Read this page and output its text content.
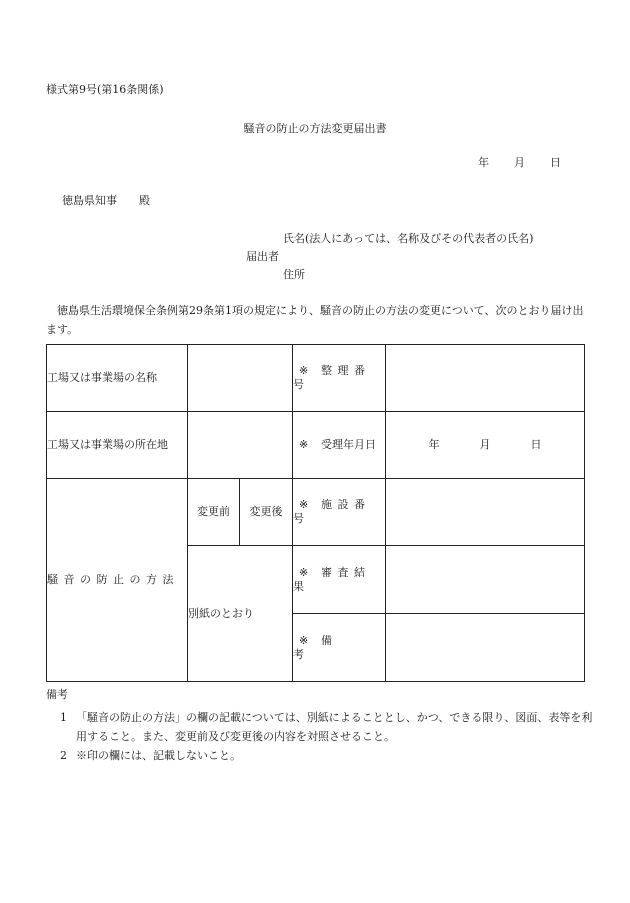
様式第9号(第16条関係)
騒音の防止の方法変更届出書
年 月 日
徳島県知事　　殿
氏名(法人にあっては、名称及びその代表者の氏名)
届出者
住所
徳島県生活環境保全条例第29条第1項の規定により、騒音の防止の方法の変更について、次のとおり届け出ます。
工場又は事業場の名称			※ 整理番号	
工場又は事業場の所在地			※ 受理年月日	年 月 日
騒音の防止の方法	変更前	変更後	※ 施設番号	
	別紙のとおり		※ 審査結果	
			※ 備　　考	
備考
1 「騒音の防止の方法」の欄の記載については、別紙によることとし、かつ、できる限り、図面、表等を利用すること。また、変更前及び変更後の内容を対照させること。
2 ※印の欄には、記載しないこと。
